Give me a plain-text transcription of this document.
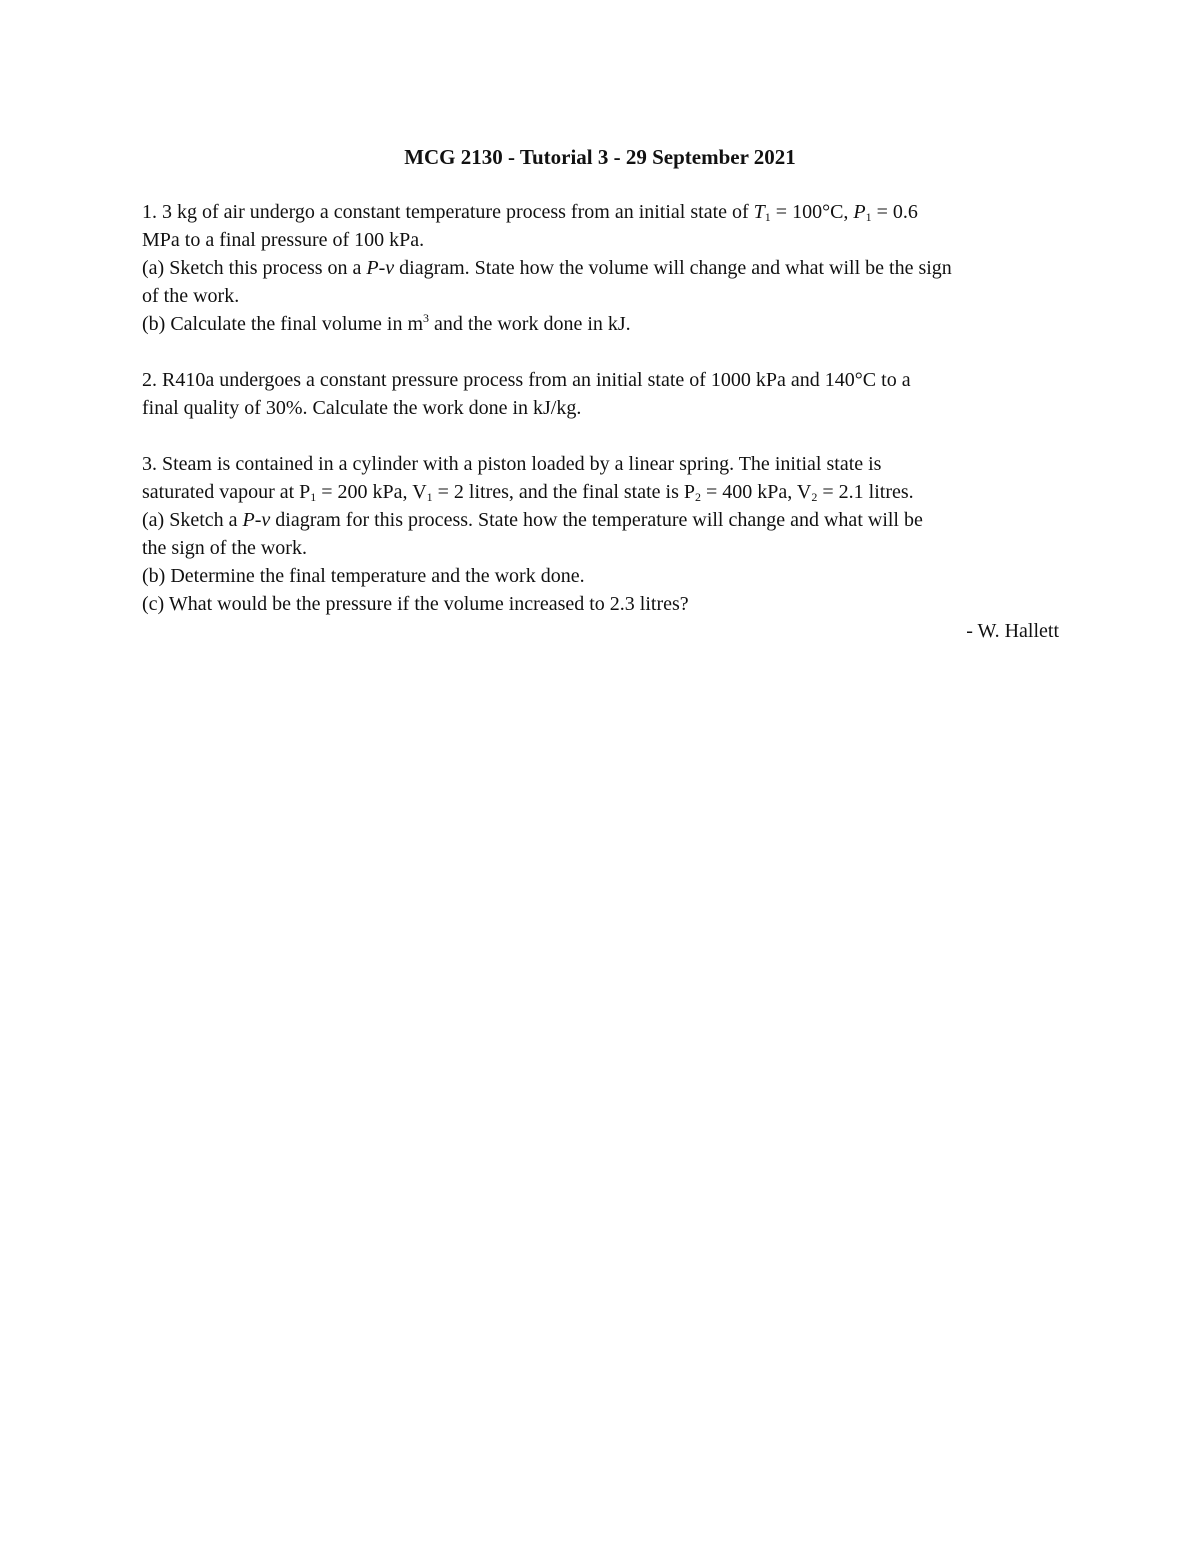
MCG 2130 - Tutorial 3 - 29 September 2021
1. 3 kg of air undergo a constant temperature process from an initial state of $T_1 = 100^\circ C$, $P_1 = 0.6$
MPa to a final pressure of 100 kPa.
(a) Sketch this process on a P-v diagram. State how the volume will change and what will be the sign
of the work.
(b) Calculate the final volume in $m^3$ and the work done in kJ.
2. R410a undergoes a constant pressure process from an initial state of 1000 kPa and 140°C to a
final quality of 30%. Calculate the work done in kJ/kg.
3. Steam is contained in a cylinder with a piston loaded by a linear spring. The initial state is
saturated vapour at $P_1 = 200$ kPa, $V_1 = 2$ litres, and the final state is $P_2 = 400$ kPa, $V_2 = 2.1$ litres.
(a) Sketch a P-v diagram for this process. State how the temperature will change and what will be
the sign of the work.
(b) Determine the final temperature and the work done.
(c) What would be the pressure if the volume increased to 2.3 litres?
- W. Hallett
